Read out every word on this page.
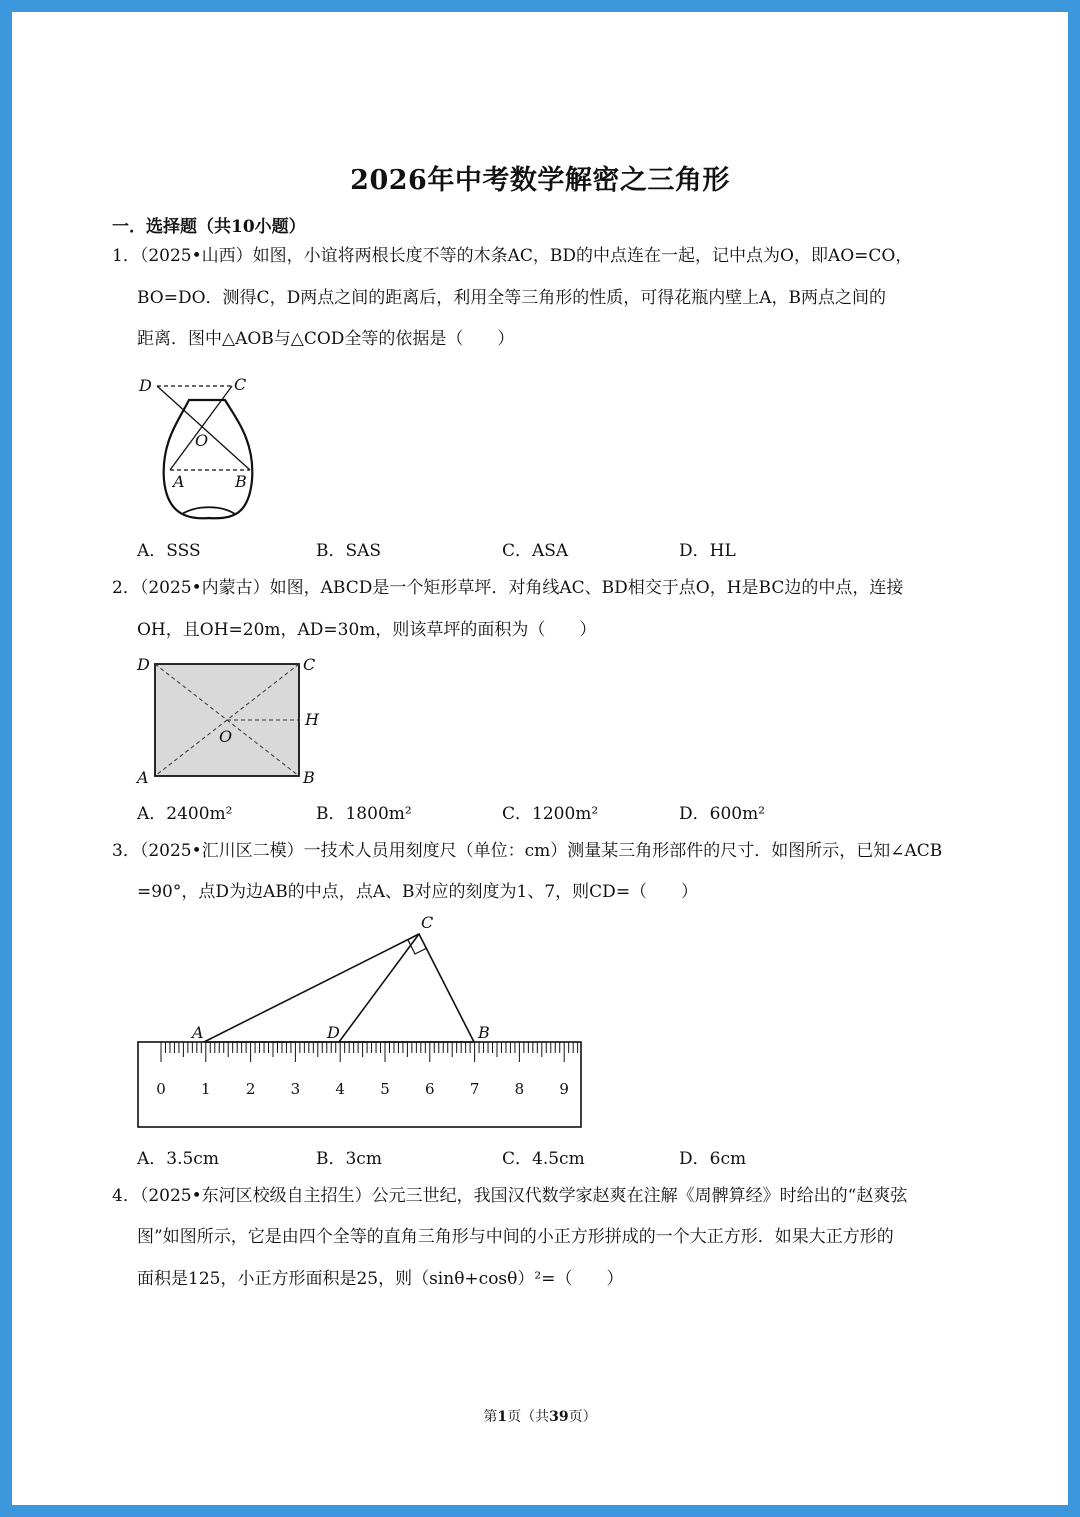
2026年中考数学解密之三角形
一．选择题（共10小题）
1．（2025•山西）如图，小谊将两根长度不等的木条AC，BD的中点连在一起，记中点为O，即AO=CO，
BO=DO．测得C，D两点之间的距离后，利用全等三角形的性质，可得花瓶内壁上A，B两点之间的
距离．图中△AOB与△COD全等的依据是（　　）
D	C
O
A	B
A．SSS	B．SAS	C．ASA	D．HL
2．（2025•内蒙古）如图，ABCD是一个矩形草坪．对角线AC、BD相交于点O，H是BC边的中点，连接
OH，且OH=20m，AD=30m，则该草坪的面积为（　　）
D	C
H
O
A	B
A．2400m²	B．1800m²	C．1200m²	D．600m²
3．（2025•汇川区二模）一技术人员用刻度尺（单位：cm）测量某三角形部件的尺寸．如图所示，已知∠ACB
=90°，点D为边AB的中点，点A、B对应的刻度为1、7，则CD=（　　）
0 1 2 3 4 5 6 7 8 9
C
A	D	B
A．3.5cm	B．3cm	C．4.5cm	D．6cm
4．（2025•东河区校级自主招生）公元三世纪，我国汉代数学家赵爽在注解《周髀算经》时给出的“赵爽弦
图”如图所示，它是由四个全等的直角三角形与中间的小正方形拼成的一个大正方形．如果大正方形的
面积是125，小正方形面积是25，则（sinθ+cosθ）²=（　　）
第1页（共39页）
